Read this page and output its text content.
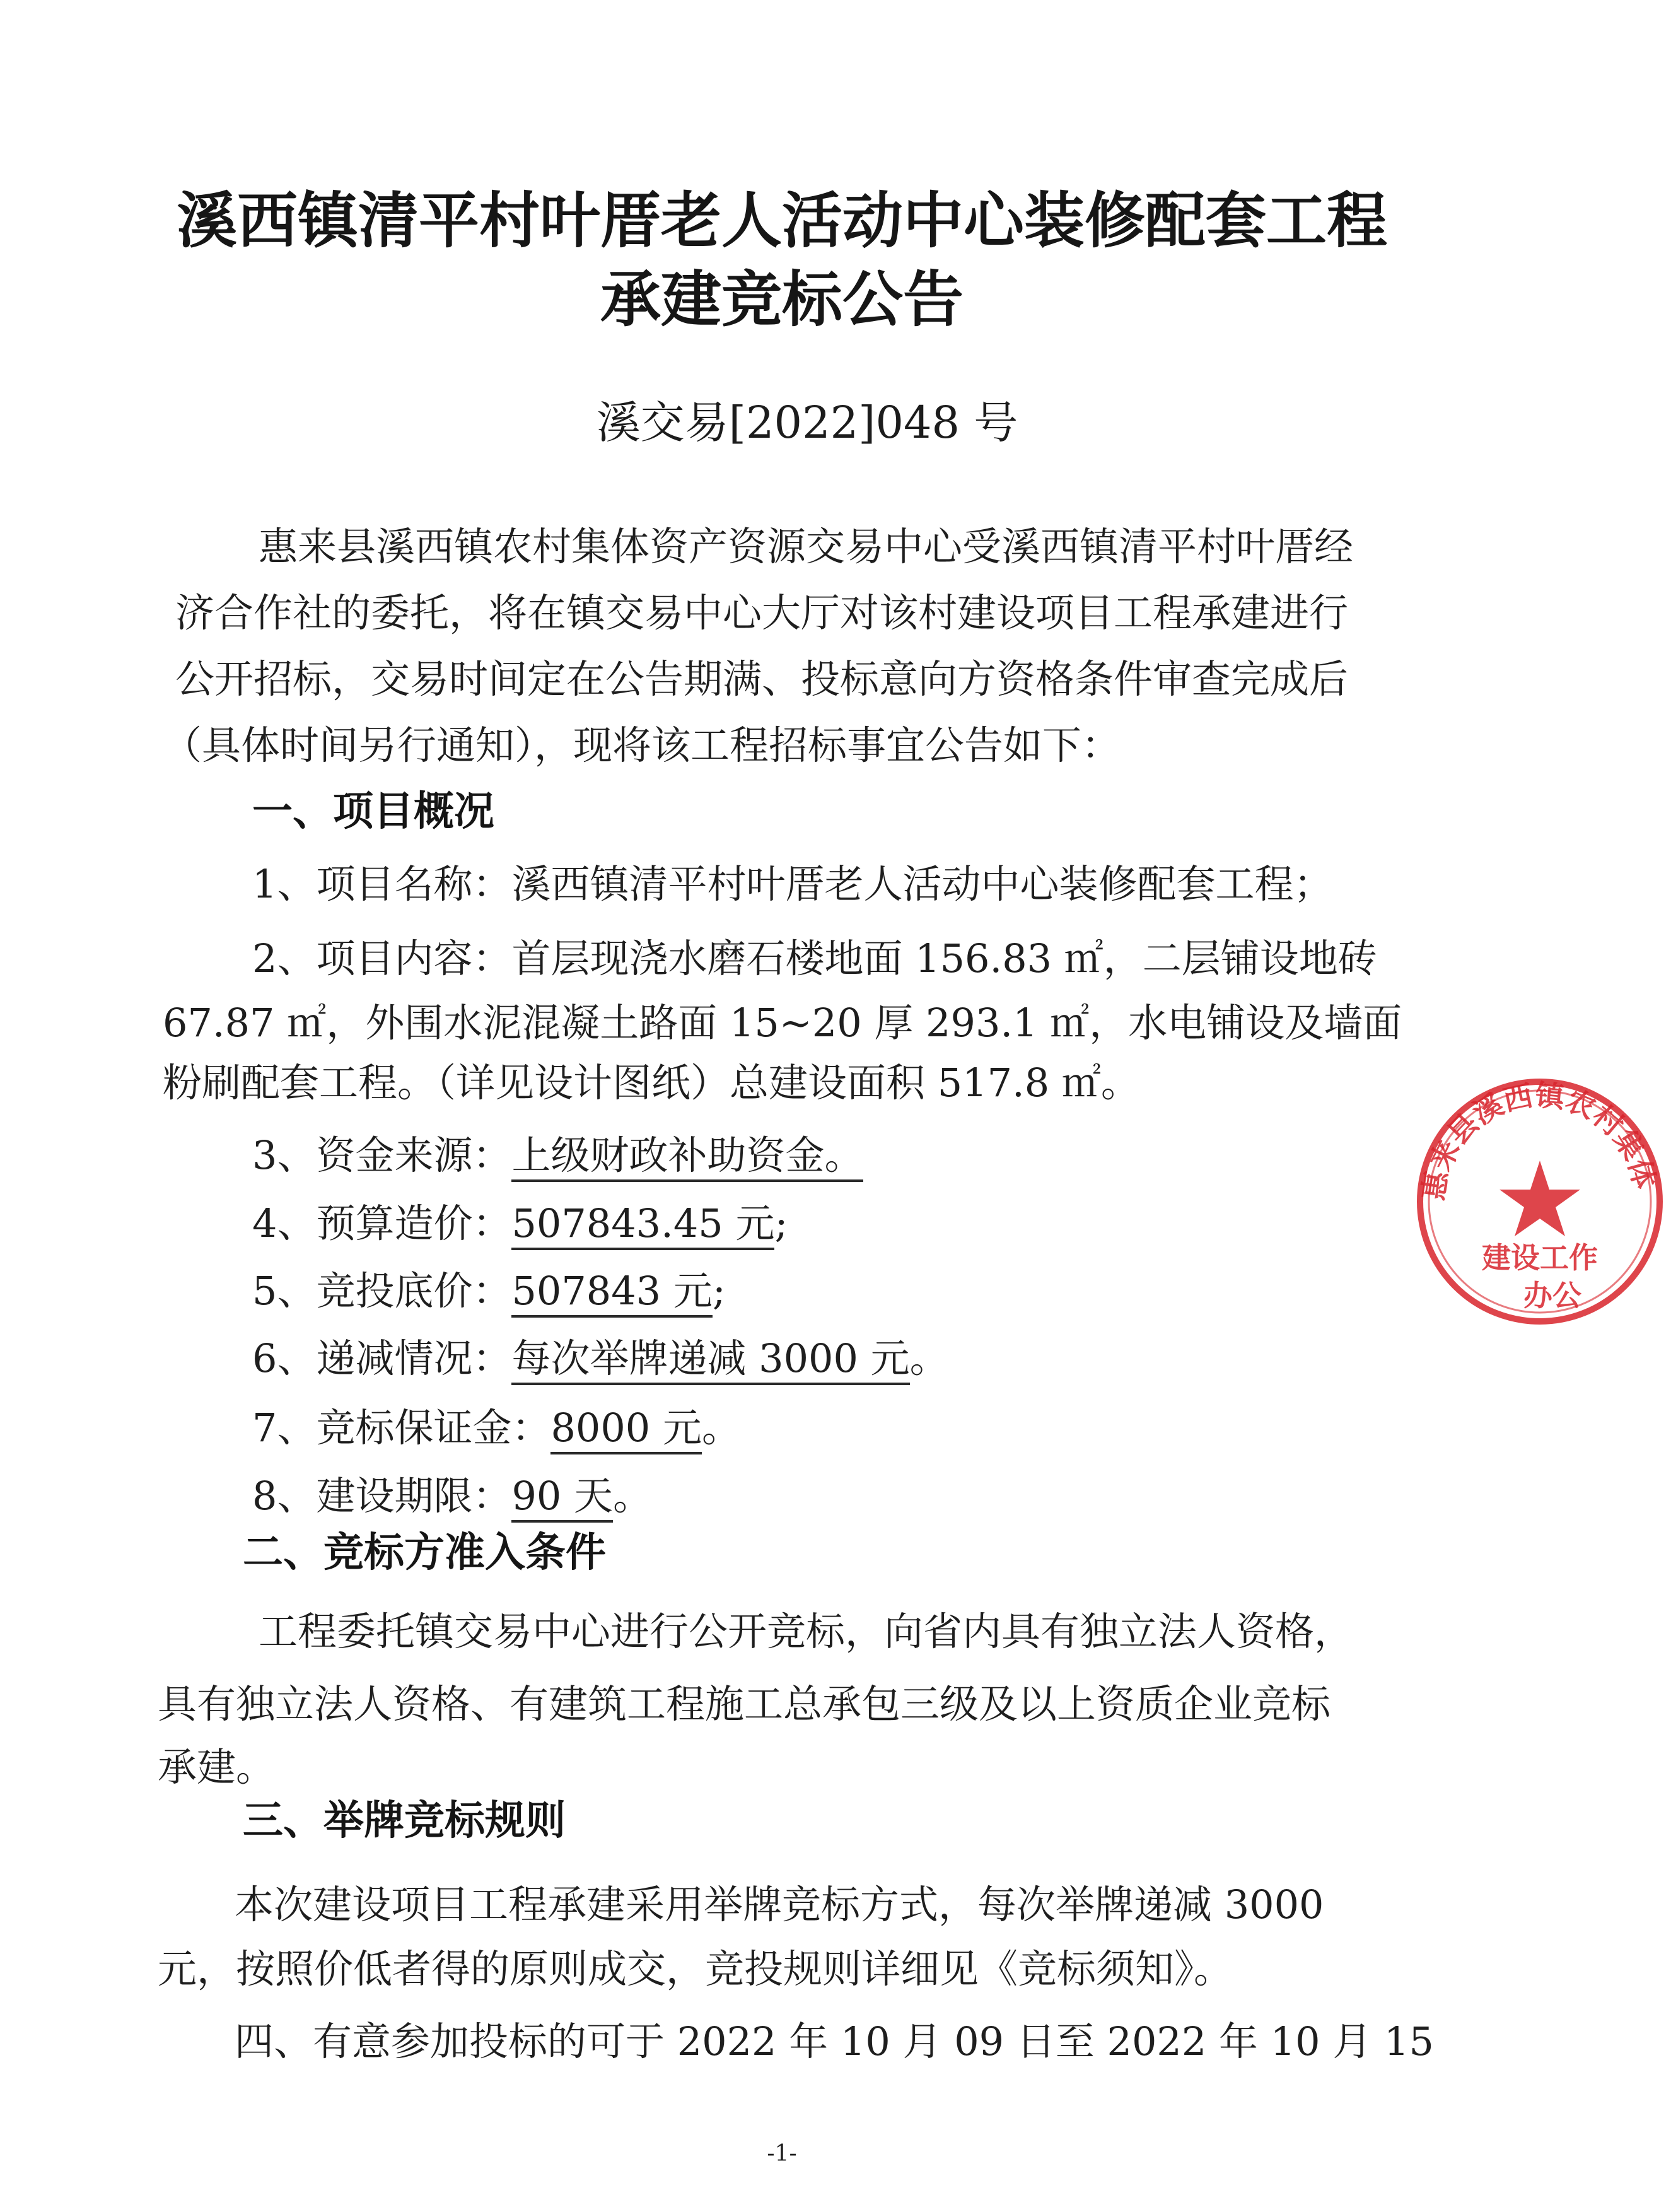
溪西镇清平村叶厝老人活动中心装修配套工程
承建竞标公告
溪交易[2022]048 号
惠来县溪西镇农村集体资产资源交易中心受溪西镇清平村叶厝经
济合作社的委托，将在镇交易中心大厅对该村建设项目工程承建进行
公开招标，交易时间定在公告期满、投标意向方资格条件审查完成后
（具体时间另行通知），现将该工程招标事宜公告如下：
一、项目概况
1、项目名称：溪西镇清平村叶厝老人活动中心装修配套工程；
2、项目内容：首层现浇水磨石楼地面 156.83 ㎡，二层铺设地砖
67.87 ㎡，外围水泥混凝土路面 15~20 厚 293.1 ㎡，水电铺设及墙面
粉刷配套工程。（详见设计图纸）总建设面积 517.8 ㎡。
3、资金来源：上级财政补助资金。
4、预算造价：507843.45 元;
5、竞投底价：507843 元;
6、递减情况：每次举牌递减 3000 元。
7、竞标保证金：8000 元。
8、建设期限：90 天。
二、竞标方准入条件
工程委托镇交易中心进行公开竞标，向省内具有独立法人资格，
具有独立法人资格、有建筑工程施工总承包三级及以上资质企业竞标
承建。
三、举牌竞标规则
本次建设项目工程承建采用举牌竞标方式，每次举牌递减 3000
元，按照价低者得的原则成交，竞投规则详细见《竞标须知》。
四、有意参加投标的可于 2022 年 10 月 09 日至 2022 年 10 月 15
-1-
惠来县溪西镇农村集体
建设工作
办公
